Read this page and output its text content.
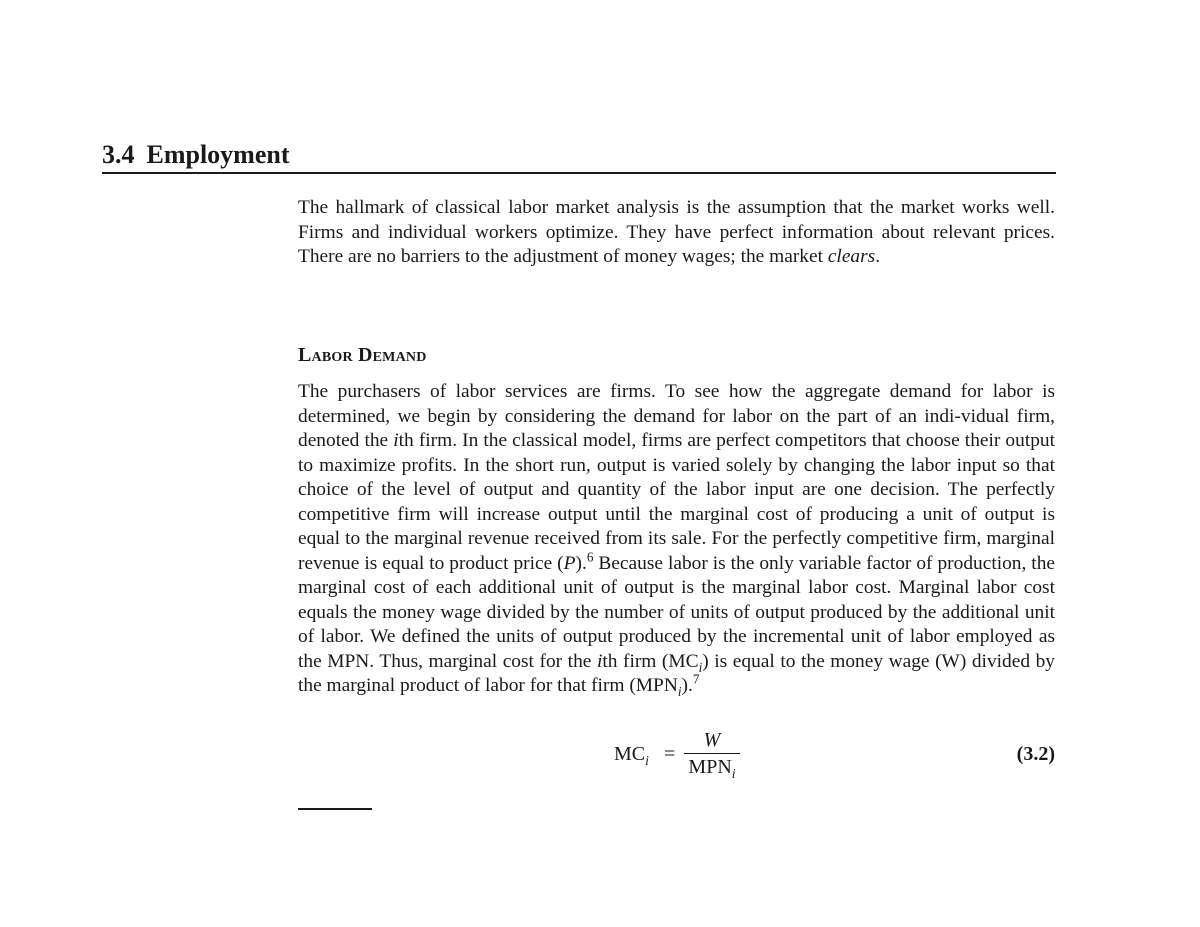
3.4 Employment
The hallmark of classical labor market analysis is the assumption that the market works well. Firms and individual workers optimize. They have perfect information about relevant prices. There are no barriers to the adjustment of money wages; the market clears.
Labor Demand
The purchasers of labor services are firms. To see how the aggregate demand for labor is determined, we begin by considering the demand for labor on the part of an indi-vidual firm, denoted the ith firm. In the classical model, firms are perfect competitors that choose their output to maximize profits. In the short run, output is varied solely by changing the labor input so that choice of the level of output and quantity of the labor input are one decision. The perfectly competitive firm will increase output until the marginal cost of producing a unit of output is equal to the marginal revenue received from its sale. For the perfectly competitive firm, marginal revenue is equal to product price (P).$^6$ Because labor is the only variable factor of production, the marginal cost of each additional unit of output is the marginal labor cost. Marginal labor cost equals the money wage divided by the number of units of output produced by the additional unit of labor. We defined the units of output produced by the incremental unit of labor employed as the MPN. Thus, marginal cost for the ith firm $(MC_i)$ is equal to the money wage (W) divided by the marginal product of labor for that firm $(MPN_i).^7$
$MC_i$ =
W
$MPN_i$
(3.2)
